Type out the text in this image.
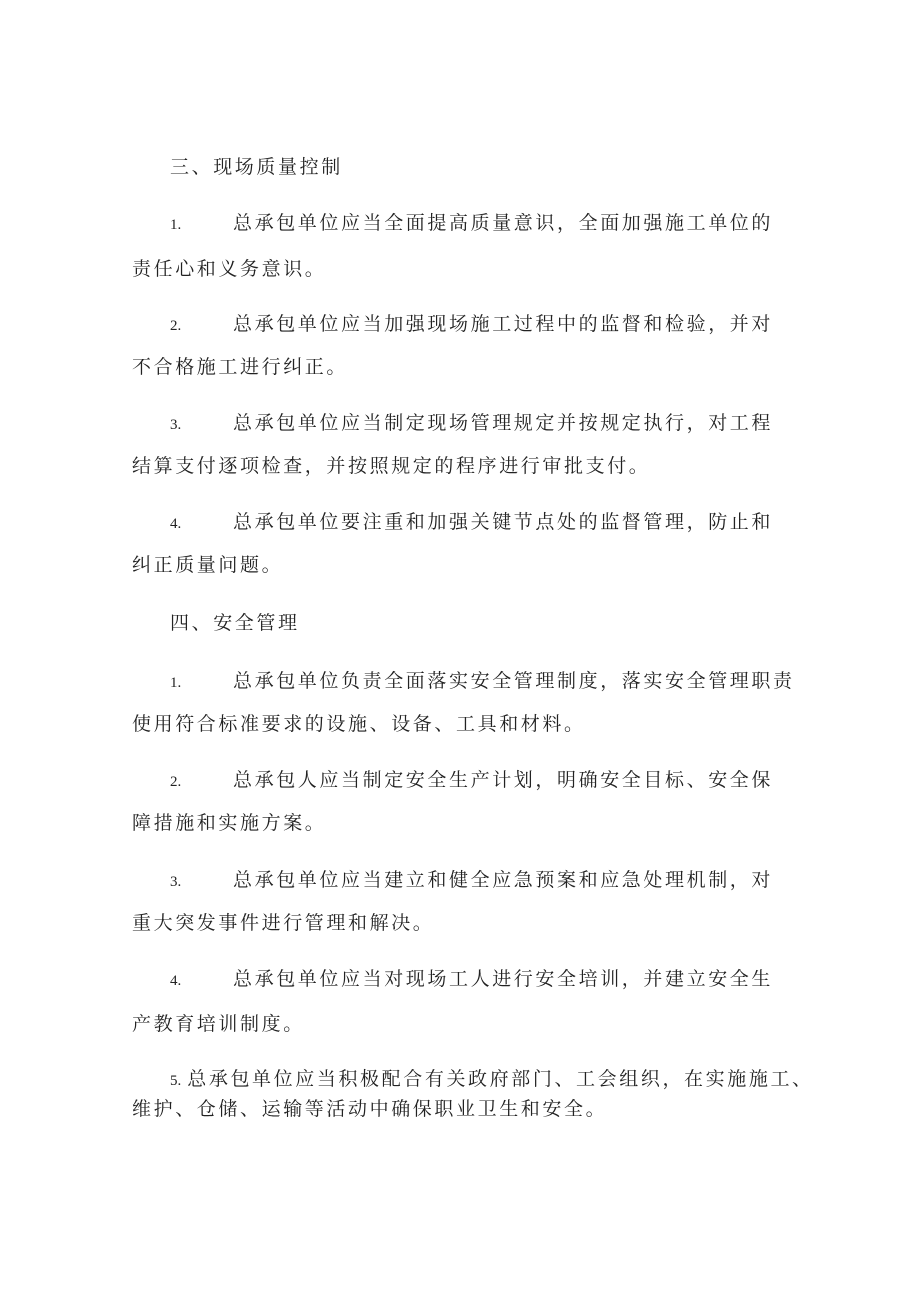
三、现场质量控制
1.	总承包单位应当全面提高质量意识，全面加强施工单位的
责任心和义务意识。
2.	总承包单位应当加强现场施工过程中的监督和检验，并对
不合格施工进行纠正。
3.	总承包单位应当制定现场管理规定并按规定执行，对工程
结算支付逐项检查，并按照规定的程序进行审批支付。
4.	总承包单位要注重和加强关键节点处的监督管理，防止和
纠正质量问题。
四、安全管理
1.	总承包单位负责全面落实安全管理制度，落实安全管理职责
使用符合标准要求的设施、设备、工具和材料。
2.	总承包人应当制定安全生产计划，明确安全目标、安全保
障措施和实施方案。
3.	总承包单位应当建立和健全应急预案和应急处理机制，对
重大突发事件进行管理和解决。
4.	总承包单位应当对现场工人进行安全培训，并建立安全生
产教育培训制度。
5. 总承包单位应当积极配合有关政府部门、工会组织，在实施施工、
维护、仓储、运输等活动中确保职业卫生和安全。
